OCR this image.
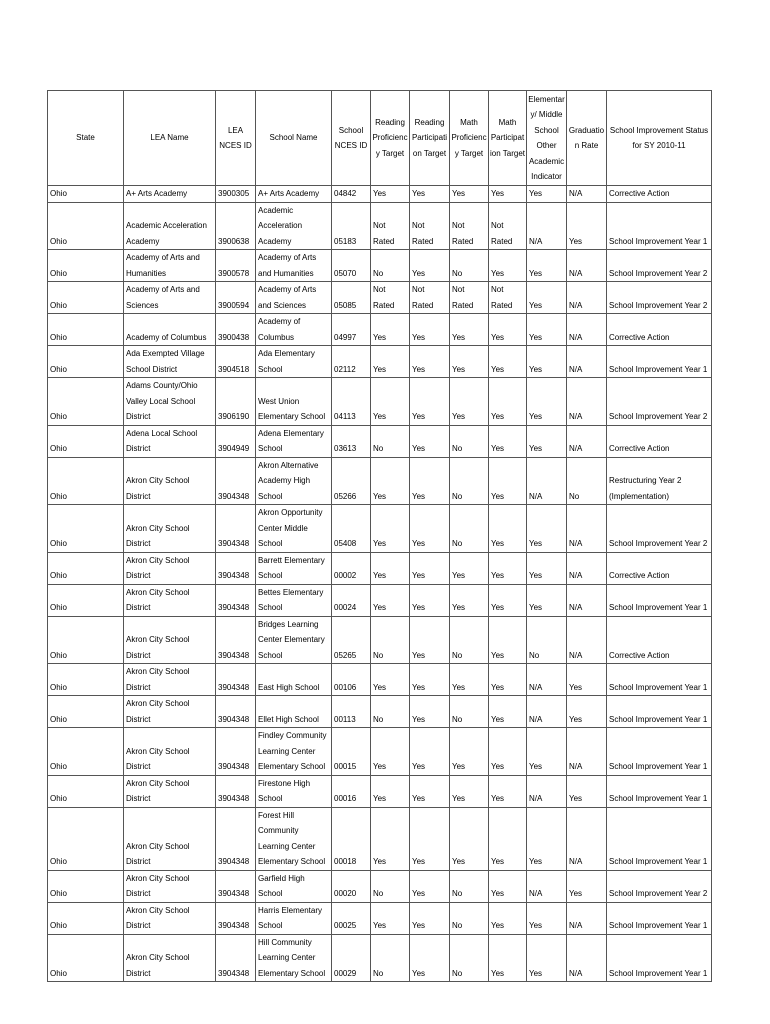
State	LEA Name	LEA NCES ID	School Name	School NCES ID	Reading Proficiency Target	Reading Participation Target	Math Proficiency Target	Math Participation Target	Elementary/ Middle School Other Academic Indicator	Graduation Rate	School Improvement Status for SY 2010-11
Ohio	A+ Arts Academy	3900305	A+ Arts Academy	04842	Yes	Yes	Yes	Yes	Yes	N/A	Corrective Action
Ohio	Academic Acceleration Academy	3900638	Academic Acceleration Academy	05183	Not Rated	Not Rated	Not Rated	Not Rated	N/A	Yes	School Improvement Year 1
Ohio	Academy of Arts and Humanities	3900578	Academy of Arts and Humanities	05070	No	Yes	No	Yes	Yes	N/A	School Improvement Year 2
Ohio	Academy of Arts and Sciences	3900594	Academy of Arts and Sciences	05085	Not Rated	Not Rated	Not Rated	Not Rated	Yes	N/A	School Improvement Year 2
Ohio	Academy of Columbus	3900438	Academy of Columbus	04997	Yes	Yes	Yes	Yes	Yes	N/A	Corrective Action
Ohio	Ada Exempted Village School District	3904518	Ada Elementary School	02112	Yes	Yes	Yes	Yes	Yes	N/A	School Improvement Year 1
Ohio	Adams County/Ohio Valley Local School District	3906190	West Union Elementary School	04113	Yes	Yes	Yes	Yes	Yes	N/A	School Improvement Year 2
Ohio	Adena Local School District	3904949	Adena Elementary School	03613	No	Yes	No	Yes	Yes	N/A	Corrective Action
Ohio	Akron City School District	3904348	Akron Alternative Academy High School	05266	Yes	Yes	No	Yes	N/A	No	Restructuring Year 2 (Implementation)
Ohio	Akron City School District	3904348	Akron Opportunity Center Middle School	05408	Yes	Yes	No	Yes	Yes	N/A	School Improvement Year 2
Ohio	Akron City School District	3904348	Barrett Elementary School	00002	Yes	Yes	Yes	Yes	Yes	N/A	Corrective Action
Ohio	Akron City School District	3904348	Bettes Elementary School	00024	Yes	Yes	Yes	Yes	Yes	N/A	School Improvement Year 1
Ohio	Akron City School District	3904348	Bridges Learning Center Elementary School	05265	No	Yes	No	Yes	No	N/A	Corrective Action
Ohio	Akron City School District	3904348	East High School	00106	Yes	Yes	Yes	Yes	N/A	Yes	School Improvement Year 1
Ohio	Akron City School District	3904348	Ellet High School	00113	No	Yes	No	Yes	N/A	Yes	School Improvement Year 1
Ohio	Akron City School District	3904348	Findley Community Learning Center Elementary School	00015	Yes	Yes	Yes	Yes	Yes	N/A	School Improvement Year 1
Ohio	Akron City School District	3904348	Firestone High School	00016	Yes	Yes	Yes	Yes	N/A	Yes	School Improvement Year 1
Ohio	Akron City School District	3904348	Forest Hill Community Learning Center Elementary School	00018	Yes	Yes	Yes	Yes	Yes	N/A	School Improvement Year 1
Ohio	Akron City School District	3904348	Garfield High School	00020	No	Yes	No	Yes	N/A	Yes	School Improvement Year 2
Ohio	Akron City School District	3904348	Harris Elementary School	00025	Yes	Yes	No	Yes	Yes	N/A	School Improvement Year 1
Ohio	Akron City School District	3904348	Hill Community Learning Center Elementary School	00029	No	Yes	No	Yes	Yes	N/A	School Improvement Year 1
